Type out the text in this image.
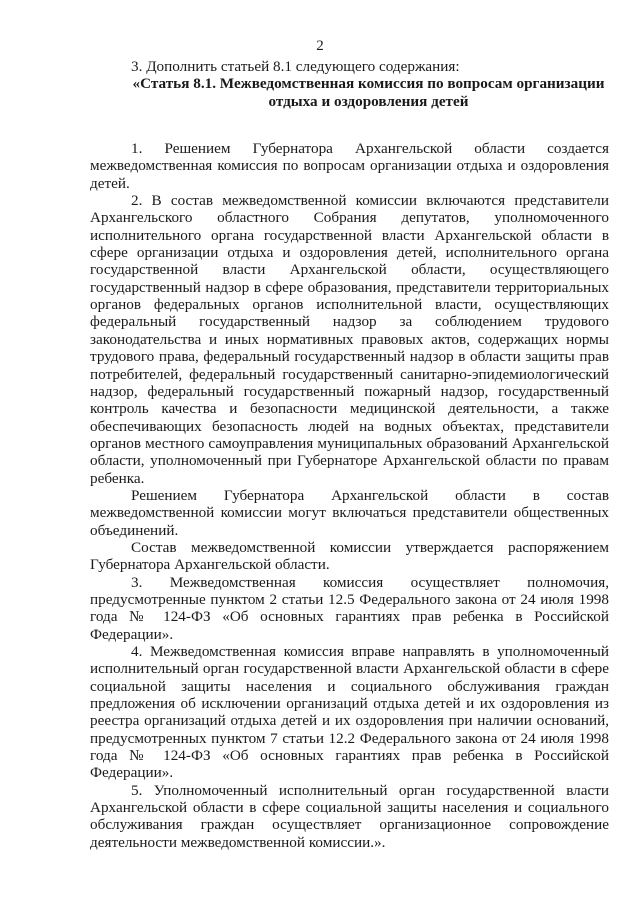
2

3. Дополнить статьей 8.1 следующего содержания:

«Статья 8.1. Межведомственная комиссия по вопросам организации отдыха и оздоровления детей

1. Решением Губернатора Архангельской области создается межведомственная комиссия по вопросам организации отдыха и оздоровления детей.

2. В состав межведомственной комиссии включаются представители Архангельского областного Собрания депутатов, уполномоченного исполнительного органа государственной власти Архангельской области в сфере организации отдыха и оздоровления детей, исполнительного органа государственной власти Архангельской области, осуществляющего государственный надзор в сфере образования, представители территориальных органов федеральных органов исполнительной власти, осуществляющих федеральный государственный надзор за соблюдением трудового законодательства и иных нормативных правовых актов, содержащих нормы трудового права, федеральный государственный надзор в области защиты прав потребителей, федеральный государственный санитарно-эпидемиологический надзор, федеральный государственный пожарный надзор, государственный контроль качества и безопасности медицинской деятельности, а также обеспечивающих безопасность людей на водных объектах, представители органов местного самоуправления муниципальных образований Архангельской области, уполномоченный при Губернаторе Архангельской области по правам ребенка.

Решением Губернатора Архангельской области в состав межведомственной комиссии могут включаться представители общественных объединений.

Состав межведомственной комиссии утверждается распоряжением Губернатора Архангельской области.

3. Межведомственная комиссия осуществляет полномочия, предусмотренные пунктом 2 статьи 12.5 Федерального закона от 24 июля 1998 года № 124-ФЗ «Об основных гарантиях прав ребенка в Российской Федерации».

4. Межведомственная комиссия вправе направлять в уполномоченный исполнительный орган государственной власти Архангельской области в сфере социальной защиты населения и социального обслуживания граждан предложения об исключении организаций отдыха детей и их оздоровления из реестра организаций отдыха детей и их оздоровления при наличии оснований, предусмотренных пунктом 7 статьи 12.2 Федерального закона от 24 июля 1998 года № 124-ФЗ «Об основных гарантиях прав ребенка в Российской Федерации».

5. Уполномоченный исполнительный орган государственной власти Архангельской области в сфере социальной защиты населения и социального обслуживания граждан осуществляет организационное сопровождение деятельности межведомственной комиссии.».
